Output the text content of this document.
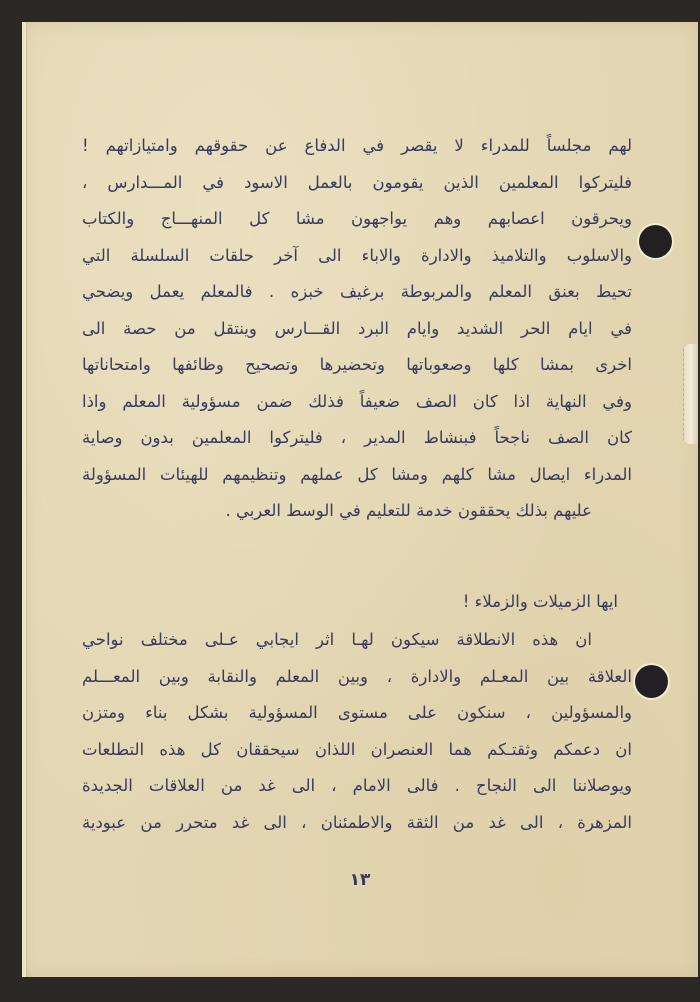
لهم مجلساً للمدراء لا يقصر في الدفاع عن حقوقهم وامتيازاتهم !
فليتركوا المعلمين الذين يقومون بالعمل الاسود في المـــدارس ،
ويحرقون اعصابهم وهم يواجهون مشا كل المنهـــاج والكتاب
والاسلوب والتلاميذ والادارة والاباء الى آخر حلقات السلسلة التي
تحيط بعنق المعلم والمربوطة برغيف خبزه . فالمعلم يعمل ويضحي
في ايام الحر الشديد وايام البرد القـــارس وينتقل من حصة الى
اخرى بمشا كلها وصعوباتها وتحضيرها وتصحيح وظائفها وامتحاناتها
وفي النهاية اذا كان الصف ضعيفاً فذلك ضمن مسؤولية المعلم واذا
كان الصف ناجحاً فبنشاط المدير ، فليتركوا المعلمين بدون وصاية
المدراء ايصال مشا كلهم ومشا كل عملهم وتنظيمهم للهيئات المسؤولة
عليهم بذلك يحققون خدمة للتعليم في الوسط العربي .
ايها الزميلات والزملاء !
ان هذه الانطلاقة سيكون لهـا اثر ايجابي عـلى مختلف نواحي
العلاقة بين المعـلم والادارة ، وبين المعلم والنقابة وبين المعـــلم
والمسؤولين ، سنكون على مستوى المسؤولية بشكل بناء ومتزن
ان دعمكم وثقتـكم هما العنصران اللذان سيحققان كل هذه التطلعات
ويوصلاننا الى النجاح . فالى الامام ، الى غد من العلاقات الجديدة
المزهرة ، الى غد من الثقة والاطمئنان ، الى غد متحرر من عبودية
١٣
